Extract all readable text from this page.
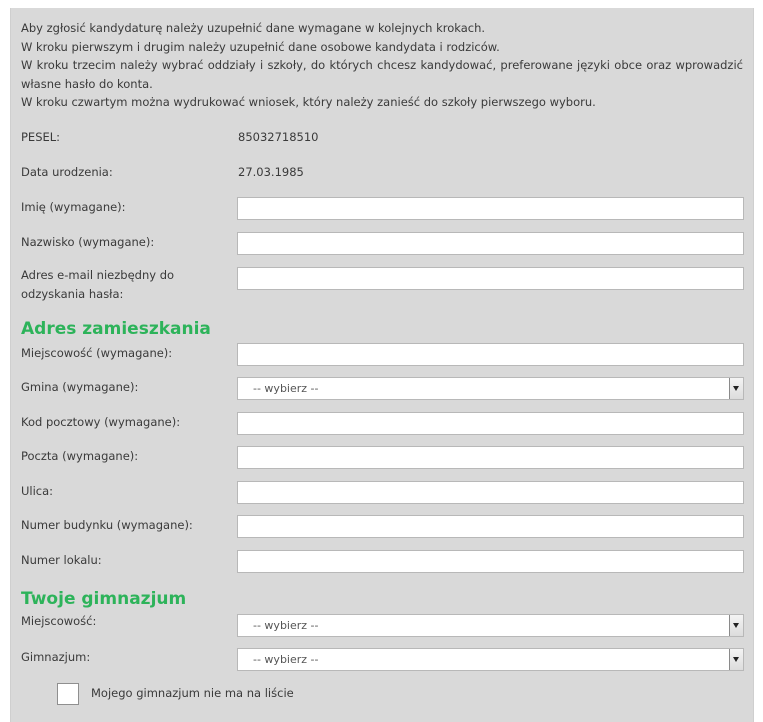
Aby zgłosić kandydaturę należy uzupełnić dane wymagane w kolejnych krokach.

W kroku pierwszym i drugim należy uzupełnić dane osobowe kandydata i rodziców.

W kroku trzecim należy wybrać oddziały i szkoły, do których chcesz kandydować, preferowane języki obce oraz wprowadzić własne hasło do konta.

W kroku czwartym można wydrukować wniosek, który należy zanieść do szkoły pierwszego wyboru.

PESEL:	85032718510
Data urodzenia:	27.03.1985
Imię (wymagane):
Nazwisko (wymagane):
Adres e-mail niezbędny do odzyskania hasła:
Adres zamieszkania
Miejscowość (wymagane):
Gmina (wymagane):	-- wybierz --
Kod pocztowy (wymagane):
Poczta (wymagane):
Ulica:
Numer budynku (wymagane):
Numer lokalu:
Twoje gimnazjum
Miejscowość:	-- wybierz --
Gimnazjum:	-- wybierz --
Mojego gimnazjum nie ma na liście
